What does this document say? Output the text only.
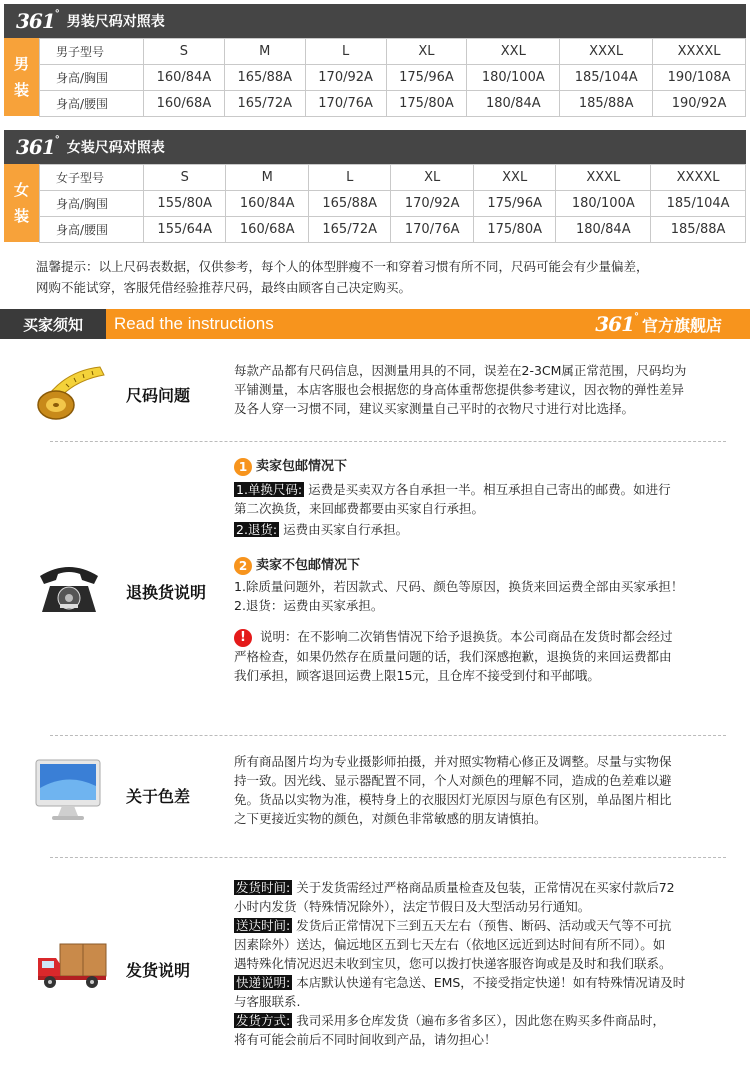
361° 男装尺码对照表
男
装
男子型号	S	M	L	XL	XXL	XXXL	XXXXL
身高/胸围	160/84A	165/88A	170/92A	175/96A	180/100A	185/104A	190/108A
身高/腰围	160/68A	165/72A	170/76A	175/80A	180/84A	185/88A	190/92A
361° 女装尺码对照表
女
装
女子型号	S	M	L	XL	XXL	XXXL	XXXXL
身高/胸围	155/80A	160/84A	165/88A	170/92A	175/96A	180/100A	185/104A
身高/腰围	155/64A	160/68A	165/72A	170/76A	175/80A	180/84A	185/88A
温馨提示：以上尺码表数据，仅供参考，每个人的体型胖瘦不一和穿着习惯有所不同，尺码可能会有少量偏差，
网购不能试穿，客服凭借经验推荐尺码，最终由顾客自己决定购买。
买家须知	Read the instructions	361° 官方旗舰店
尺码问题
每款产品都有尺码信息，因测量用具的不同，误差在2-3CM属正常范围，尺码均为
平铺测量，本店客服也会根据您的身高体重帮您提供参考建议，因衣物的弹性差异
及各人穿一习惯不同，建议买家测量自己平时的衣物尺寸进行对比选择。
退换货说明
1 卖家包邮情况下
1.单换尺码: 运费是买卖双方各自承担一半。相互承担自己寄出的邮费。如进行
第二次换货，来回邮费都要由买家自行承担。
2.退货: 运费由买家自行承担。
2 卖家不包邮情况下
1.除质量问题外，若因款式、尺码、颜色等原因，换货来回运费全部由买家承担！
2.退货：运费由买家承担。
! 说明：在不影响二次销售情况下给予退换货。本公司商品在发货时都会经过
严格检查，如果仍然存在质量问题的话，我们深感抱歉，退换货的来回运费都由
我们承担，顾客退回运费上限15元，且仓库不接受到付和平邮哦。
关于色差
所有商品图片均为专业摄影师拍摄，并对照实物精心修正及调整。尽量与实物保
持一致。因光线、显示器配置不同，个人对颜色的理解不同，造成的色差难以避
免。货品以实物为准，模特身上的衣服因灯光原因与原色有区别，单品图片相比
之下更接近实物的颜色，对颜色非常敏感的朋友请慎拍。
发货说明
发货时间: 关于发货需经过严格商品质量检查及包装，正常情况在买家付款后72
小时内发货（特殊情况除外），法定节假日及大型活动另行通知。
送达时间: 发货后正常情况下三到五天左右（预售、断码、活动或天气等不可抗
因素除外）送达，偏远地区五到七天左右（依地区远近到达时间有所不同）。如
遇特殊化情况迟迟未收到宝贝，您可以拨打快递客服咨询或是及时和我们联系。
快递说明: 本店默认快递有宅急送、EMS，不接受指定快递！如有特殊情况请及时
与客服联系.
发货方式: 我司采用多仓库发货（遍布多省多区），因此您在购买多件商品时，
将有可能会前后不同时间收到产品，请勿担心！
